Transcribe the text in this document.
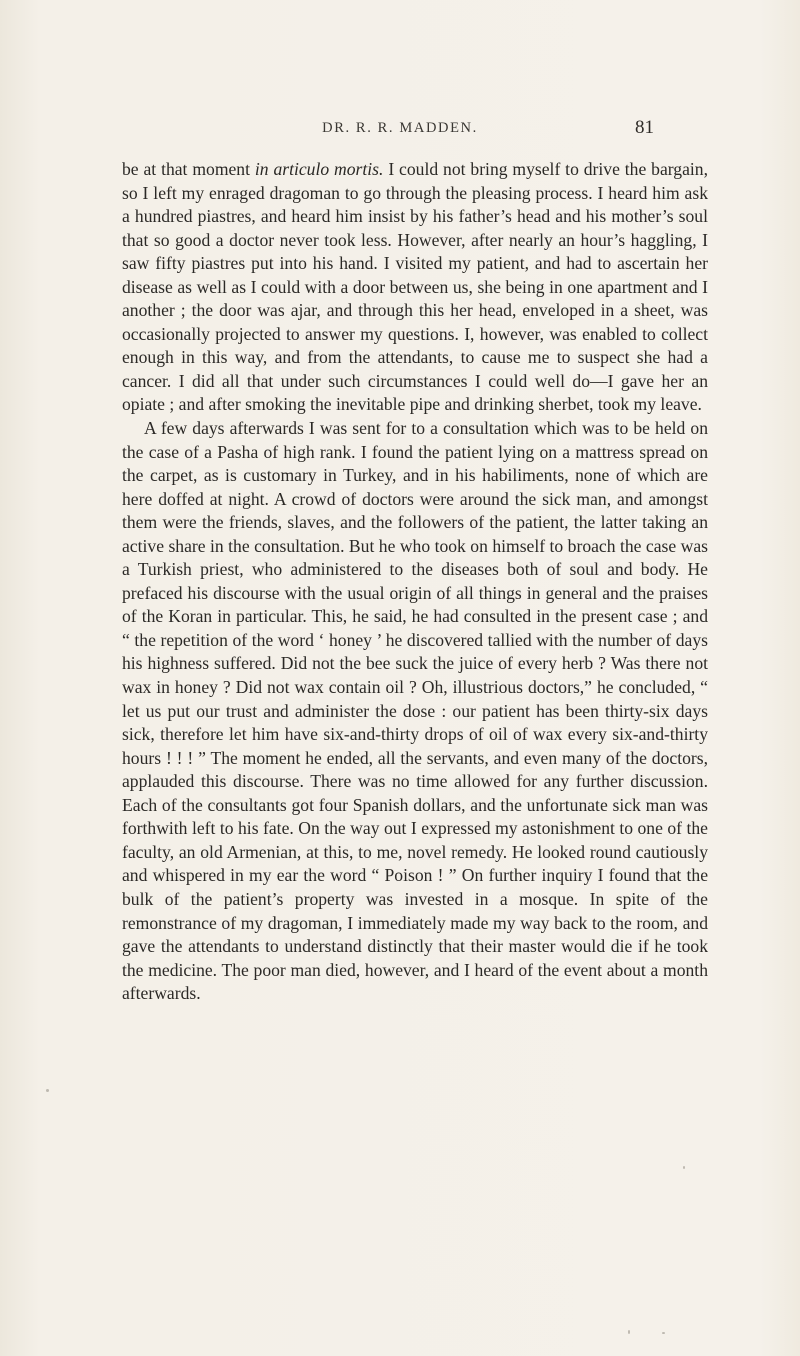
DR. R. R. MADDEN.	81

be at that moment in articulo mortis. I could not bring myself to drive the bargain, so I left my enraged dragoman to go through the pleasing process. I heard him ask a hundred piastres, and heard him insist by his father’s head and his mother’s soul that so good a doctor never took less. However, after nearly an hour’s haggling, I saw fifty piastres put into his hand. I visited my patient, and had to ascertain her disease as well as I could with a door between us, she being in one apartment and I another ; the door was ajar, and through this her head, enveloped in a sheet, was occasionally projected to answer my questions. I, however, was enabled to collect enough in this way, and from the attendants, to cause me to suspect she had a cancer. I did all that under such circumstances I could well do—I gave her an opiate ; and after smoking the inevitable pipe and drinking sherbet, took my leave.

A few days afterwards I was sent for to a consultation which was to be held on the case of a Pasha of high rank. I found the patient lying on a mattress spread on the carpet, as is customary in Turkey, and in his habiliments, none of which are here doffed at night. A crowd of doctors were around the sick man, and amongst them were the friends, slaves, and the followers of the patient, the latter taking an active share in the consultation. But he who took on himself to broach the case was a Turkish priest, who administered to the diseases both of soul and body. He prefaced his discourse with the usual origin of all things in general and the praises of the Koran in particular. This, he said, he had consulted in the present case ; and “ the repetition of the word ‘ honey ’ he discovered tallied with the number of days his highness suffered. Did not the bee suck the juice of every herb ? Was there not wax in honey ? Did not wax contain oil ? Oh, illustrious doctors,” he concluded, “ let us put our trust and administer the dose : our patient has been thirty-six days sick, therefore let him have six-and-thirty drops of oil of wax every six-and-thirty hours ! ! ! ” The moment he ended, all the servants, and even many of the doctors, applauded this discourse. There was no time allowed for any further discussion. Each of the consultants got four Spanish dollars, and the unfortunate sick man was forthwith left to his fate. On the way out I expressed my astonishment to one of the faculty, an old Armenian, at this, to me, novel remedy. He looked round cautiously and whispered in my ear the word “ Poison ! ” On further inquiry I found that the bulk of the patient’s property was invested in a mosque. In spite of the remonstrance of my dragoman, I immediately made my way back to the room, and gave the attendants to understand distinctly that their master would die if he took the medicine. The poor man died, however, and I heard of the event about a month afterwards.
